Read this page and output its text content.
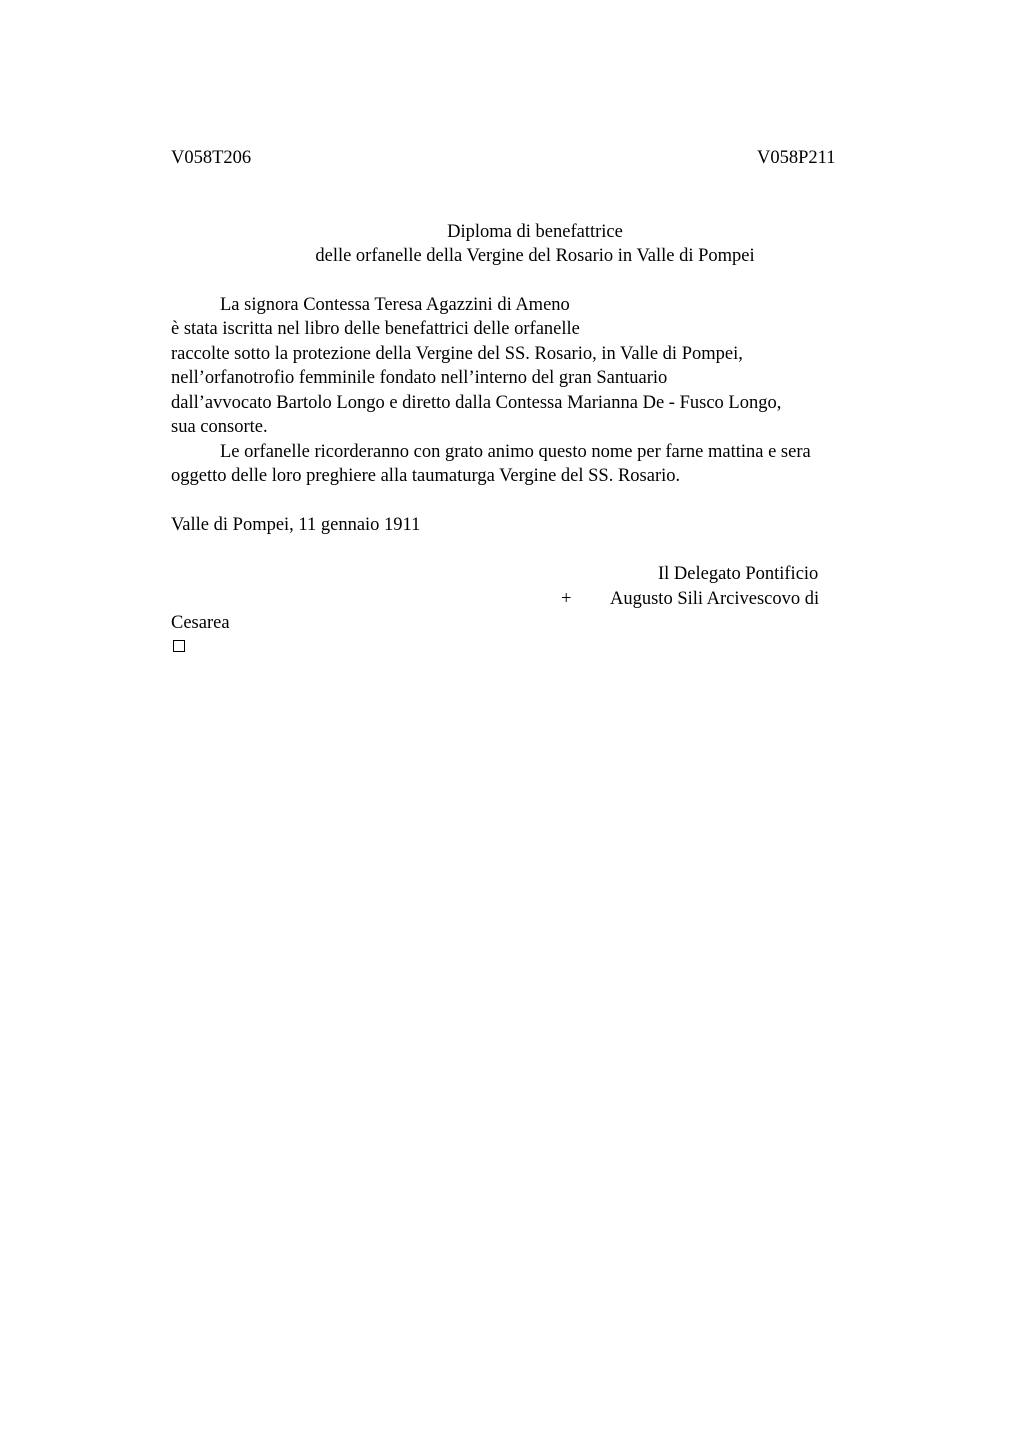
V058T206	V058P211
Diploma di benefattrice
delle orfanelle della Vergine del Rosario in Valle di Pompei
La signora Contessa Teresa Agazzini di Ameno
è stata iscritta nel libro delle benefattrici delle orfanelle
raccolte sotto la protezione della Vergine del SS. Rosario, in Valle di Pompei,
nell’orfanotrofio femminile fondato nell’interno del gran Santuario
dall’avvocato Bartolo Longo e diretto dalla Contessa Marianna De - Fusco Longo,
sua consorte.
Le orfanelle ricorderanno con grato animo questo nome per farne mattina e sera
oggetto delle loro preghiere alla taumaturga Vergine del SS. Rosario.
Valle di Pompei, 11 gennaio 1911
Il Delegato Pontificio
+ Augusto Sili Arcivescovo di
Cesarea
